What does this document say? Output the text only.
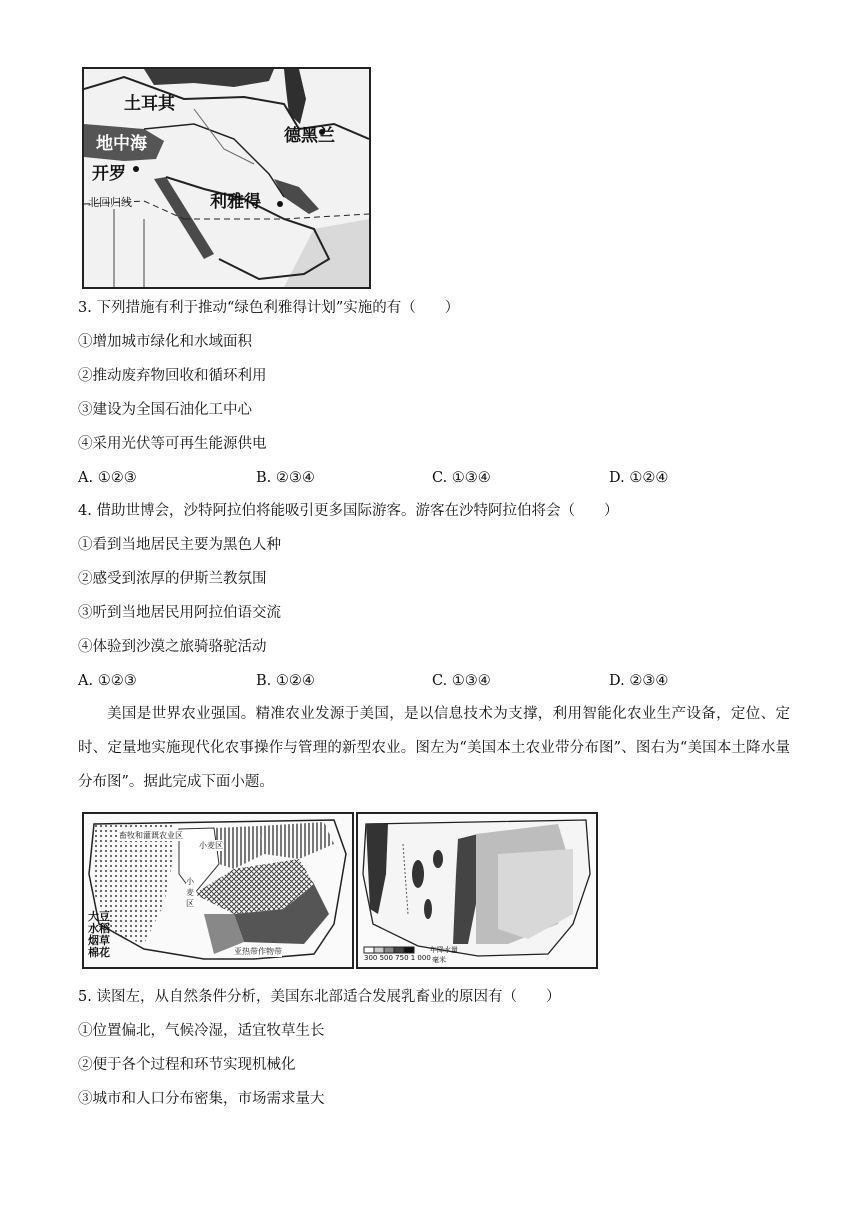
土耳其
地中海	德黑兰
开罗
利雅得
北回归线
3. 下列措施有利于推动“绿色利雅得计划”实施的有（　　）
①增加城市绿化和水域面积
②推动废弃物回收和循环利用
③建设为全国石油化工中心
④采用光伏等可再生能源供电
A. ①②③	B. ②③④	C. ①③④	D. ①②④
4. 借助世博会，沙特阿拉伯将能吸引更多国际游客。游客在沙特阿拉伯将会（　　）
①看到当地居民主要为黑色人种
②感受到浓厚的伊斯兰教氛围
③听到当地居民用阿拉伯语交流
④体验到沙漠之旅骑骆驼活动
A. ①②③	B. ①②④	C. ①③④	D. ②③④
美国是世界农业强国。精准农业发源于美国，是以信息技术为支撑，利用智能化农业生产设备，定位、定时、定量地实施现代化农事操作与管理的新型农业。图左为“美国本土农业带分布图”、图右为“美国本土降水量分布图”。据此完成下面小题。
畜牧和灌溉农业区
小麦区
小麦区
亚热带作物带
大豆
水稻
烟草
棉花	300 500 750 1 000
年降水量
毫米
5. 读图左，从自然条件分析，美国东北部适合发展乳畜业的原因有（　　）
①位置偏北，气候冷湿，适宜牧草生长
②便于各个过程和环节实现机械化
③城市和人口分布密集，市场需求量大
